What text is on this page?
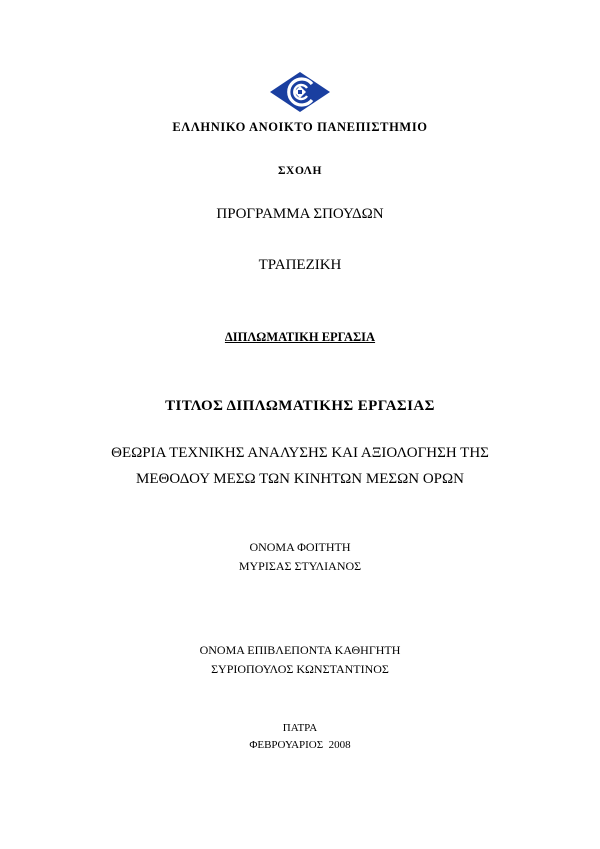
ΕΛΛΗΝΙΚΟ ΑΝΟΙΚΤΟ ΠΑΝΕΠΙΣΤΗΜΙΟ
ΣΧΟΛΗ
ΠΡΟΓΡΑΜΜΑ ΣΠΟΥΔΩΝ
ΤΡΑΠΕΖΙΚΗ
ΔΙΠΛΩΜΑΤΙΚΗ ΕΡΓΑΣΙΑ
ΤΙΤΛΟΣ ΔΙΠΛΩΜΑΤΙΚΗΣ ΕΡΓΑΣΙΑΣ
ΘΕΩΡΙΑ ΤΕΧΝΙΚΗΣ ΑΝΑΛΥΣΗΣ ΚΑΙ ΑΞΙΟΛΟΓΗΣΗ ΤΗΣ
ΜΕΘΟΔΟΥ ΜΕΣΩ ΤΩΝ ΚΙΝΗΤΩΝ ΜΕΣΩΝ ΟΡΩΝ
ΟΝΟΜΑ ΦΟΙΤΗΤΗ
ΜΥΡΙΣΑΣ ΣΤΥΛΙΑΝΟΣ
ΟΝΟΜΑ ΕΠΙΒΛΕΠΟΝΤΑ ΚΑΘΗΓΗΤΗ
ΣΥΡΙΟΠΟΥΛΟΣ ΚΩΝΣΤΑΝΤΙΝΟΣ
ΠΑΤΡΑ
ΦΕΒΡΟΥΑΡΙΟΣ  2008
